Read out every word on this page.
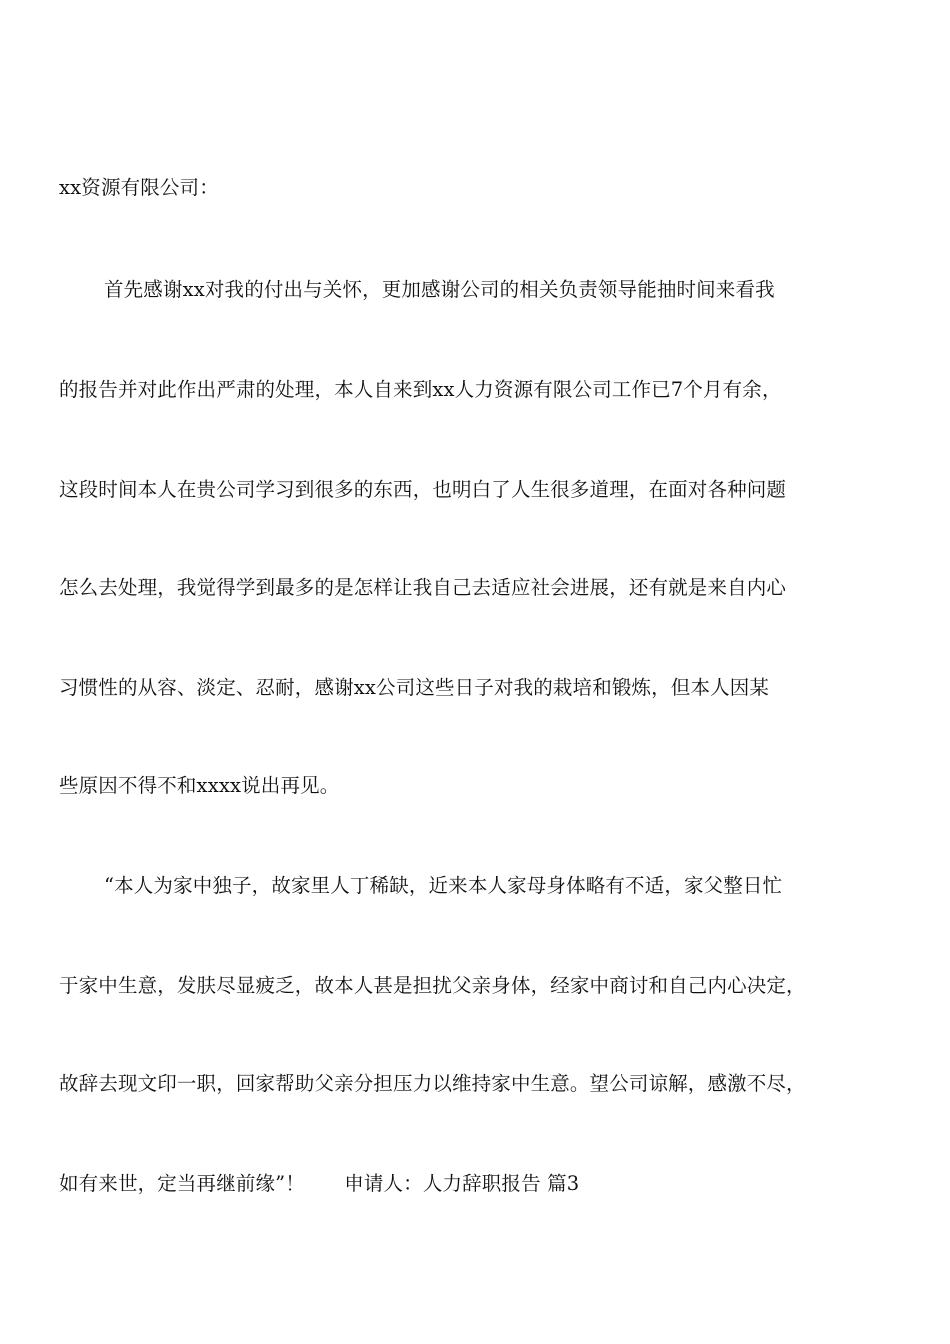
xx资源有限公司：
首先感谢xx对我的付出与关怀，更加感谢公司的相关负责领导能抽时间来看我
的报告并对此作出严肃的处理，本人自来到xx人力资源有限公司工作已7个月有余，
这段时间本人在贵公司学习到很多的东西，也明白了人生很多道理，在面对各种问题
怎么去处理，我觉得学到最多的是怎样让我自己去适应社会进展，还有就是来自内心
习惯性的从容、淡定、忍耐，感谢xx公司这些日子对我的栽培和锻炼，但本人因某
些原因不得不和xxxx说出再见。
“本人为家中独子，故家里人丁稀缺，近来本人家母身体略有不适，家父整日忙
于家中生意，发肤尽显疲乏，故本人甚是担扰父亲身体，经家中商讨和自己内心决定，
故辞去现文印一职，回家帮助父亲分担压力以维持家中生意。望公司谅解，感激不尽，
如有来世，定当再继前缘”！　　申请人：人力辞职报告 篇3
